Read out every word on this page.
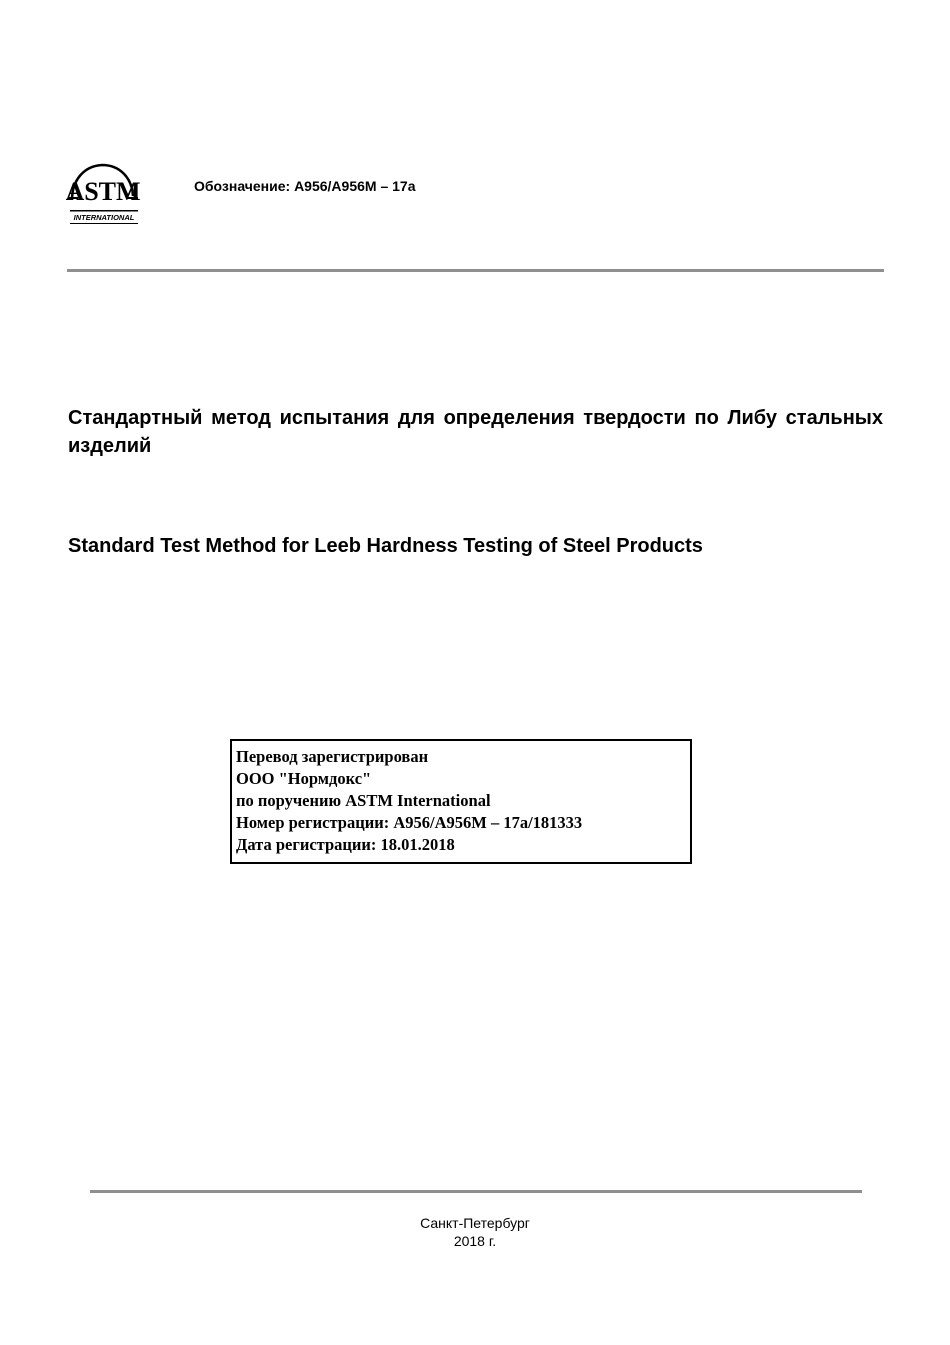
ASTM
INTERNATIONAL
Обозначение: A956/A956M – 17a
Стандартный метод испытания для определения твердости по Либу стальных изделий
Standard Test Method for Leeb Hardness Testing of Steel Products
Перевод зарегистрирован
ООО "Нормдокс"
по поручению ASTM International
Номер регистрации: A956/A956M – 17a/181333
Дата регистрации: 18.01.2018
Санкт-Петербург
2018 г.
